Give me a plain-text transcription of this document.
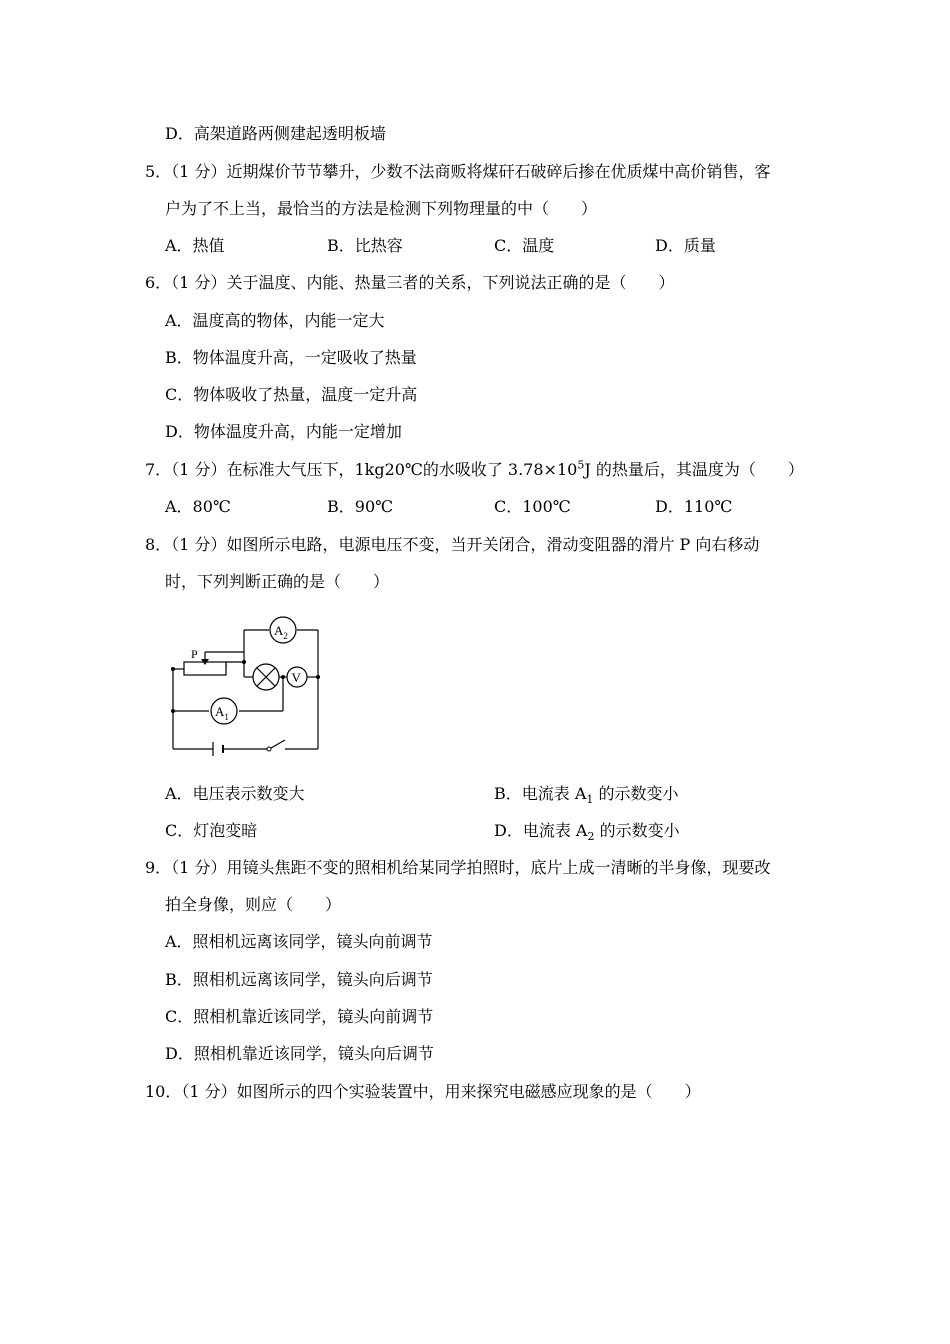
D．高架道路两侧建起透明板墙
5．（1 分）近期煤价节节攀升，少数不法商贩将煤矸石破碎后掺在优质煤中高价销售，客
户为了不上当，最恰当的方法是检测下列物理量的中（　　）
A．热值	B．比热容	C．温度	D．质量
6．（1 分）关于温度、内能、热量三者的关系，下列说法正确的是（　　）
A．温度高的物体，内能一定大
B．物体温度升高，一定吸收了热量
C．物体吸收了热量，温度一定升高
D．物体温度升高，内能一定增加
7．（1 分）在标准大气压下，1kg20℃的水吸收了 $3.78\times 10^5J$ 的热量后，其温度为（　　）
A．80℃	B．90℃	C．100℃	D．110℃
8．（1 分）如图所示电路，电源电压不变，当开关闭合，滑动变阻器的滑片 P 向右移动
时，下列判断正确的是（　　）
P
$A_2$
V
$A_1$
A．电压表示数变大	B．电流表 $A_1$ 的示数变小
C．灯泡变暗	D．电流表 $A_2$ 的示数变小
9．（1 分）用镜头焦距不变的照相机给某同学拍照时，底片上成一清晰的半身像，现要改
拍全身像，则应（　　）
A．照相机远离该同学，镜头向前调节
B．照相机远离该同学，镜头向后调节
C．照相机靠近该同学，镜头向前调节
D．照相机靠近该同学，镜头向后调节
10．（1 分）如图所示的四个实验装置中，用来探究电磁感应现象的是（　　）
